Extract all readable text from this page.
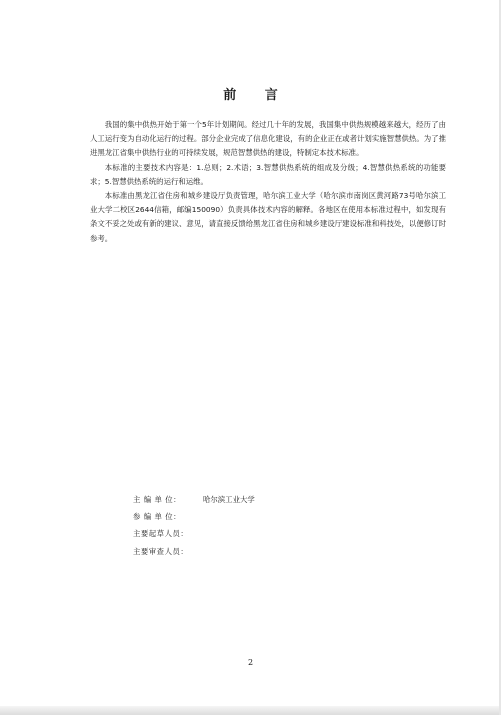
前 言

我国的集中供热开始于第一个5年计划期间。经过几十年的发展，我国集中供热规模越来越大，经历了由人工运行变为自动化运行的过程。部分企业完成了信息化建设，有的企业正在或者计划实施智慧供热。为了推进黑龙江省集中供热行业的可持续发展，规范智慧供热的建设，特制定本技术标准。

本标准的主要技术内容是：1.总则；2.术语；3.智慧供热系统的组成及分级；4.智慧供热系统的功能要求；5.智慧供热系统的运行和运维。

本标准由黑龙江省住房和城乡建设厅负责管理，哈尔滨工业大学（哈尔滨市南岗区黄河路73号哈尔滨工业大学二校区2644信箱，邮编150090）负责具体技术内容的解释。各地区在使用本标准过程中，如发现有条文不妥之处或有新的建议、意见，请直接反馈给黑龙江省住房和城乡建设厅建设标准和科技处，以便修订时参考。

主 编 单 位：	哈尔滨工业大学
参 编 单 位：
主要起草人员：
主要审查人员：
2
